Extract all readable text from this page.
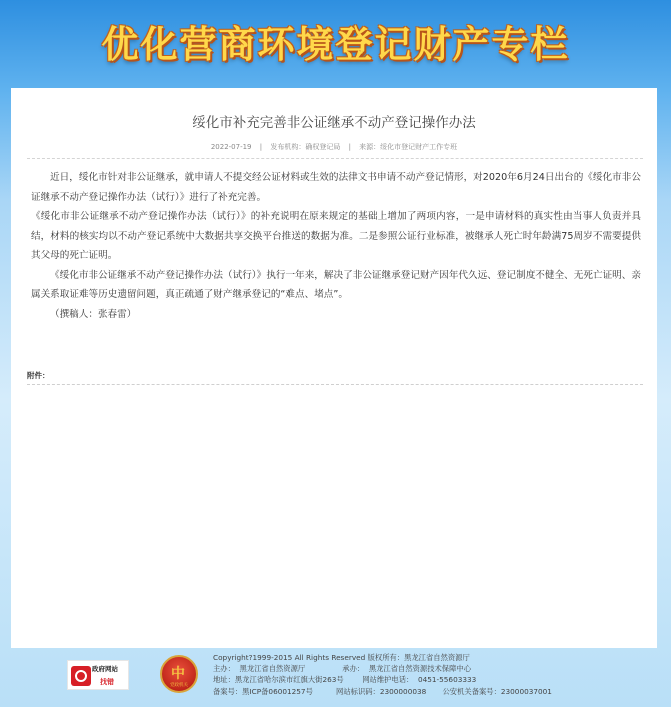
优化营商环境登记财产专栏
绥化市补充完善非公证继承不动产登记操作办法
2022-07-19 | 发布机构：确权登记局 | 来源：绥化市登记财产工作专班

近日，绥化市针对非公证继承，就申请人不提交经公证材料或生效的法律文书申请不动产登记情形，对2020年6月24日出台的《绥化市非公证继承不动产登记操作办法（试行）》进行了补充完善。

《绥化市非公证继承不动产登记操作办法（试行）》的补充说明在原来规定的基础上增加了两项内容，一是申请材料的真实性由当事人负责并具结，材料的核实均以不动产登记系统中大数据共享交换平台推送的数据为准。二是参照公证行业标准，被继承人死亡时年龄满75周岁不需要提供其父母的死亡证明。

《绥化市非公证继承不动产登记操作办法（试行）》执行一年来，解决了非公证继承登记财产因年代久远、登记制度不健全、无死亡证明、亲属关系取证难等历史遗留问题，真正疏通了财产继承登记的“难点、堵点”。

（撰稿人：张春雷）

附件：
政府网站
找错	中
党政机关
Copyright?1999-2015 All Rights Reserved 版权所有：黑龙江省自然资源厅
主办：  黑龙江省自然资源厅                承办：  黑龙江省自然资源技术保障中心
地址：黑龙江省哈尔滨市红旗大街263号        网站维护电话：  0451-55603333
备案号：黑ICP备06001257号          网站标识码：2300000038       公安机关备案号：23000037001
